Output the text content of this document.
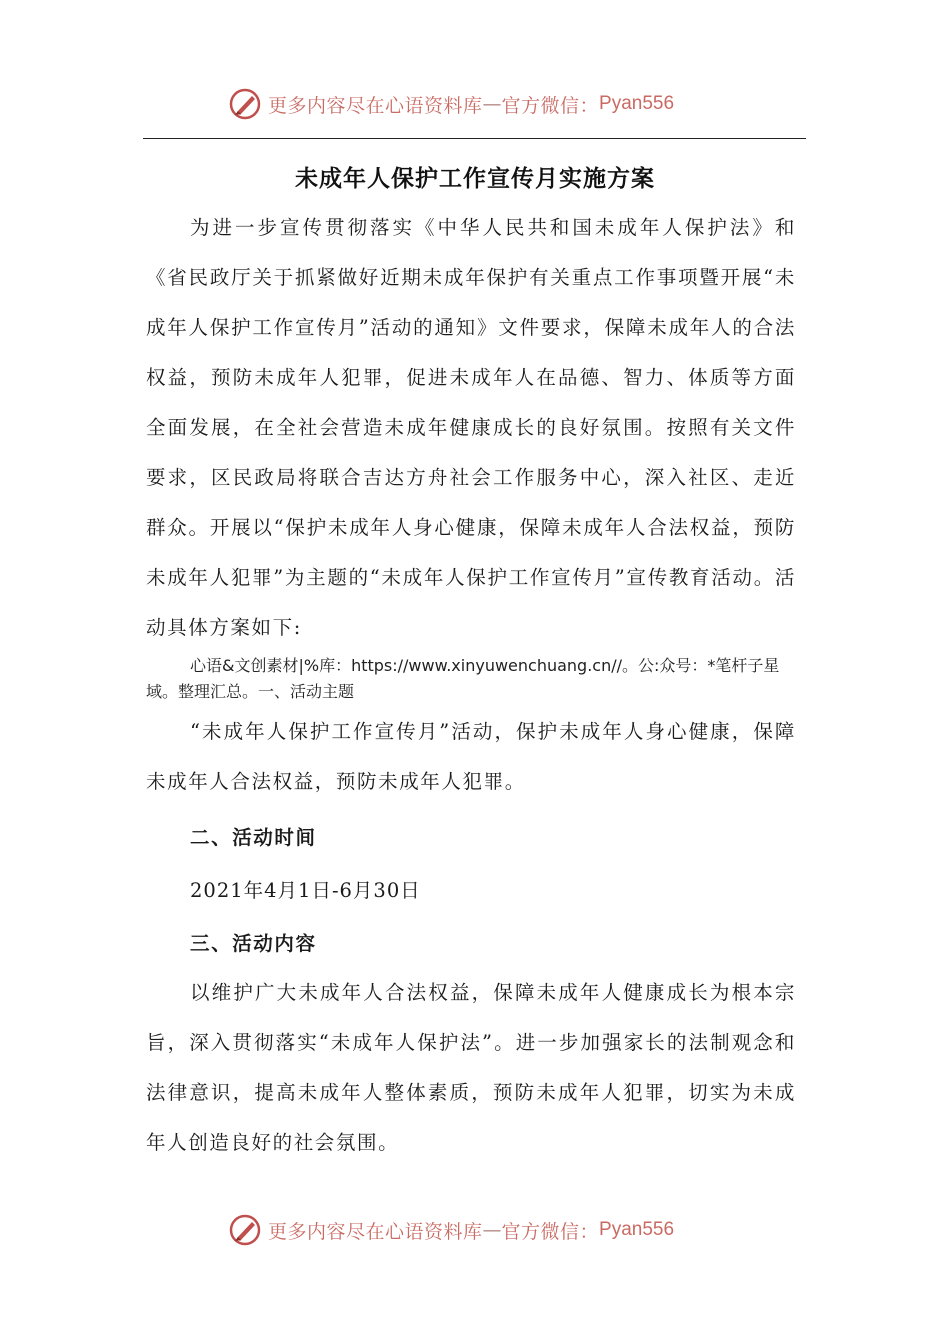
更多内容尽在心语资料库 — 官方微信： Pyan556
未成年人保护工作宣传月实施方案

为进一步宣传贯彻落实《中华人民共和国未成年人保护法》和《省民政厅关于抓紧做好近期未成年保护有关重点工作事项暨开展“未成年人保护工作宣传月”活动的通知》文件要求，保障未成年人的合法权益，预防未成年人犯罪，促进未成年人在品德、智力、体质等方面全面发展，在全社会营造未成年健康成长的良好氛围。按照有关文件要求，区民政局将联合吉达方舟社会工作服务中心，深入社区、走近群众。开展以“保护未成年人身心健康，保障未成年人合法权益，预防未成年人犯罪”为主题的“未成年人保护工作宣传月”宣传教育活动。活动具体方案如下:

心语&文创素材|%库：https://www.xinyuwenchuang.cn//。公:众号：*笔杆子星域。整理汇总。一、活动主题

“未成年人保护工作宣传月”活动，保护未成年人身心健康，保障未成年人合法权益，预防未成年人犯罪。

二、活动时间

2021年4月1日-6月30日

三、活动内容

以维护广大未成年人合法权益，保障未成年人健康成长为根本宗旨，深入贯彻落实“未成年人保护法”。进一步加强家长的法制观念和法律意识，提高未成年人整体素质，预防未成年人犯罪，切实为未成年人创造良好的社会氛围。

更多内容尽在心语资料库 — 官方微信： Pyan556
